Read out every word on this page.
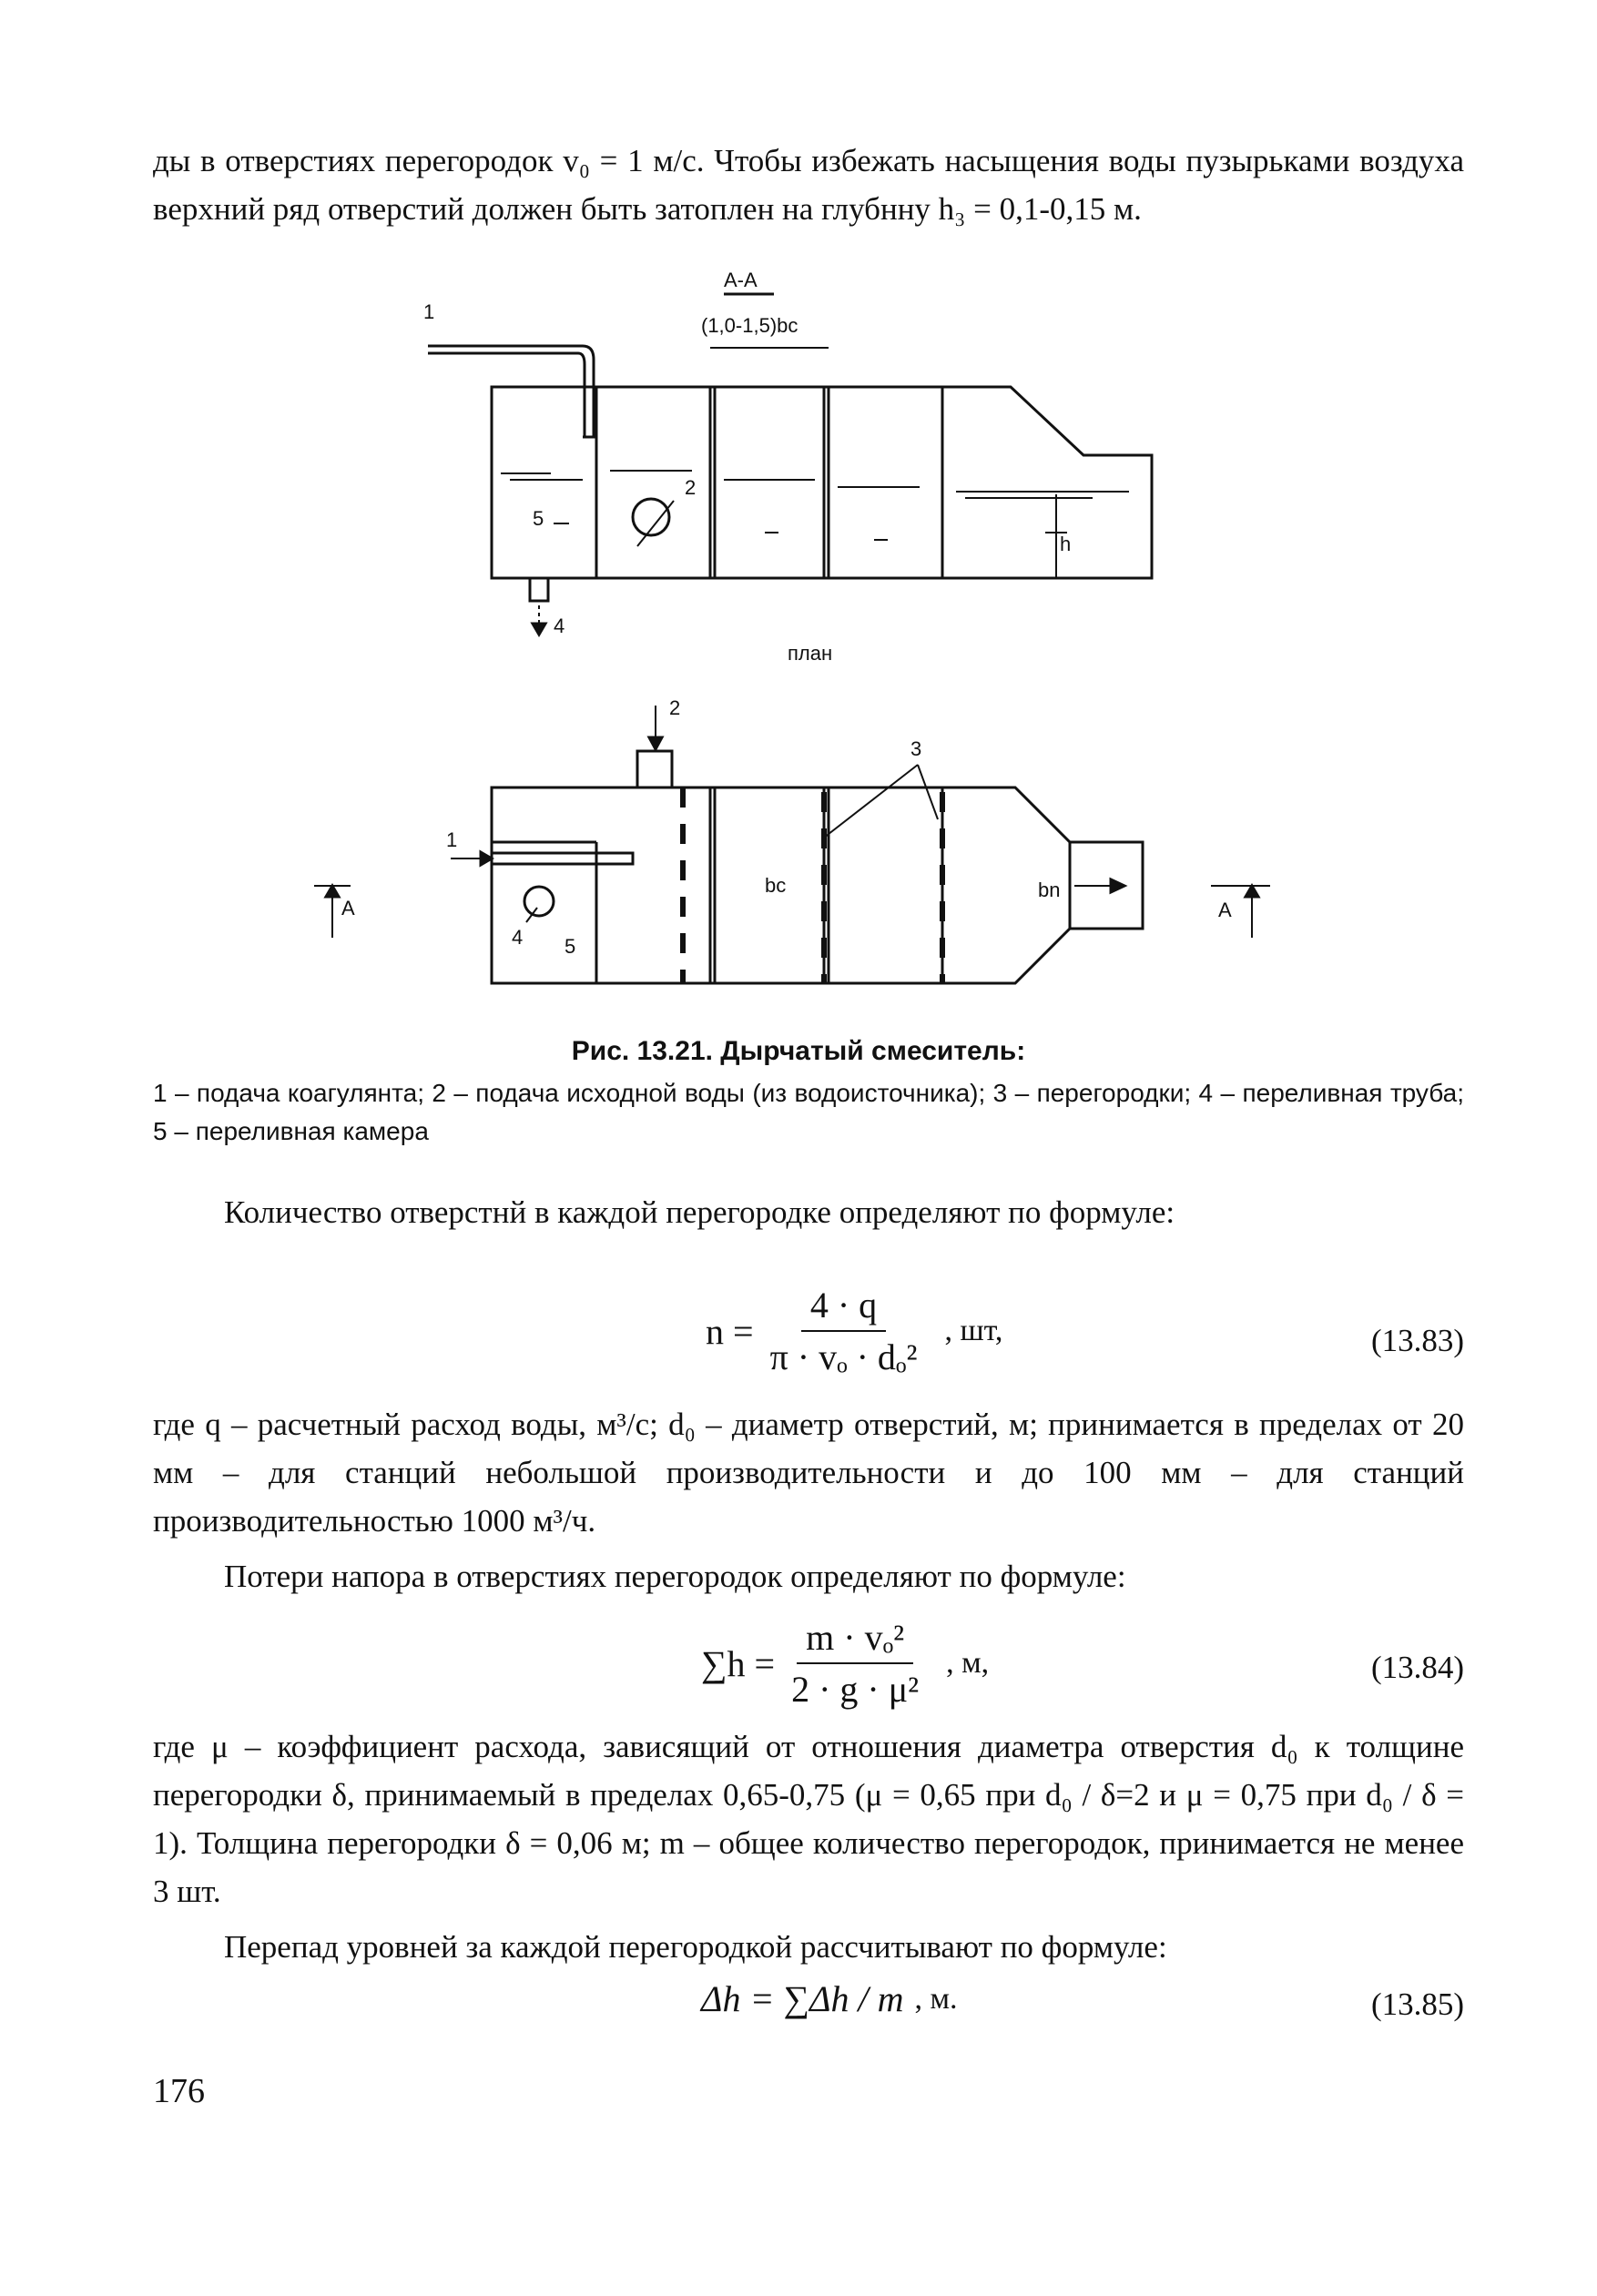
ды в отверстиях перегородок v₀ = 1 м/с. Чтобы избежать насыщения воды пузырьками воздуха верхний ряд отверстий должен быть затоплен на глубнну h₃ = 0,1-0,15 м.

A-A
(1,0-1,5)bc
1
5
2
h
4
план
2
3
1
4 5
bc	bn
A	A
Рис. 13.21. Дырчатый смеситель:

1 – подача коагулянта; 2 – подача исходной воды (из водоисточника); 3 – перегородки; 4 – переливная труба; 5 – переливная камера

Количество отверстнй в каждой перегородке определяют по формуле:

$n = \frac{4 \cdot q}{\text{π · vₒ · dₒ²}}$ , шт,	(13.83)

где q – расчетный расход воды, м³/с; d₀ – диаметр отверстий, м; принимается в пределах от 20 мм – для станций небольшой производительности и до 100 мм – для станций производительностью 1000 м³/ч.

Потери напора в отверстиях перегородок определяют по формуле:

$\sum h = \frac{\text{m · vₒ²}}{\text{2 · g · μ²}}$ , м,	(13.84)

где μ – коэффициент расхода, зависящий от отношения диаметра отверстия d₀ к толщине перегородки δ, принимаемый в пределах 0,65-0,75 (μ = 0,65 при d₀ / δ=2 и μ = 0,75 при d₀ / δ = 1). Толщина перегородки δ = 0,06 м; m – общее количество перегородок, принимается не менее 3 шт.

Перепад уровней за каждой перегородкой рассчитывают по формуле:

Δh = ∑Δh / m , м.	(13.85)
176
